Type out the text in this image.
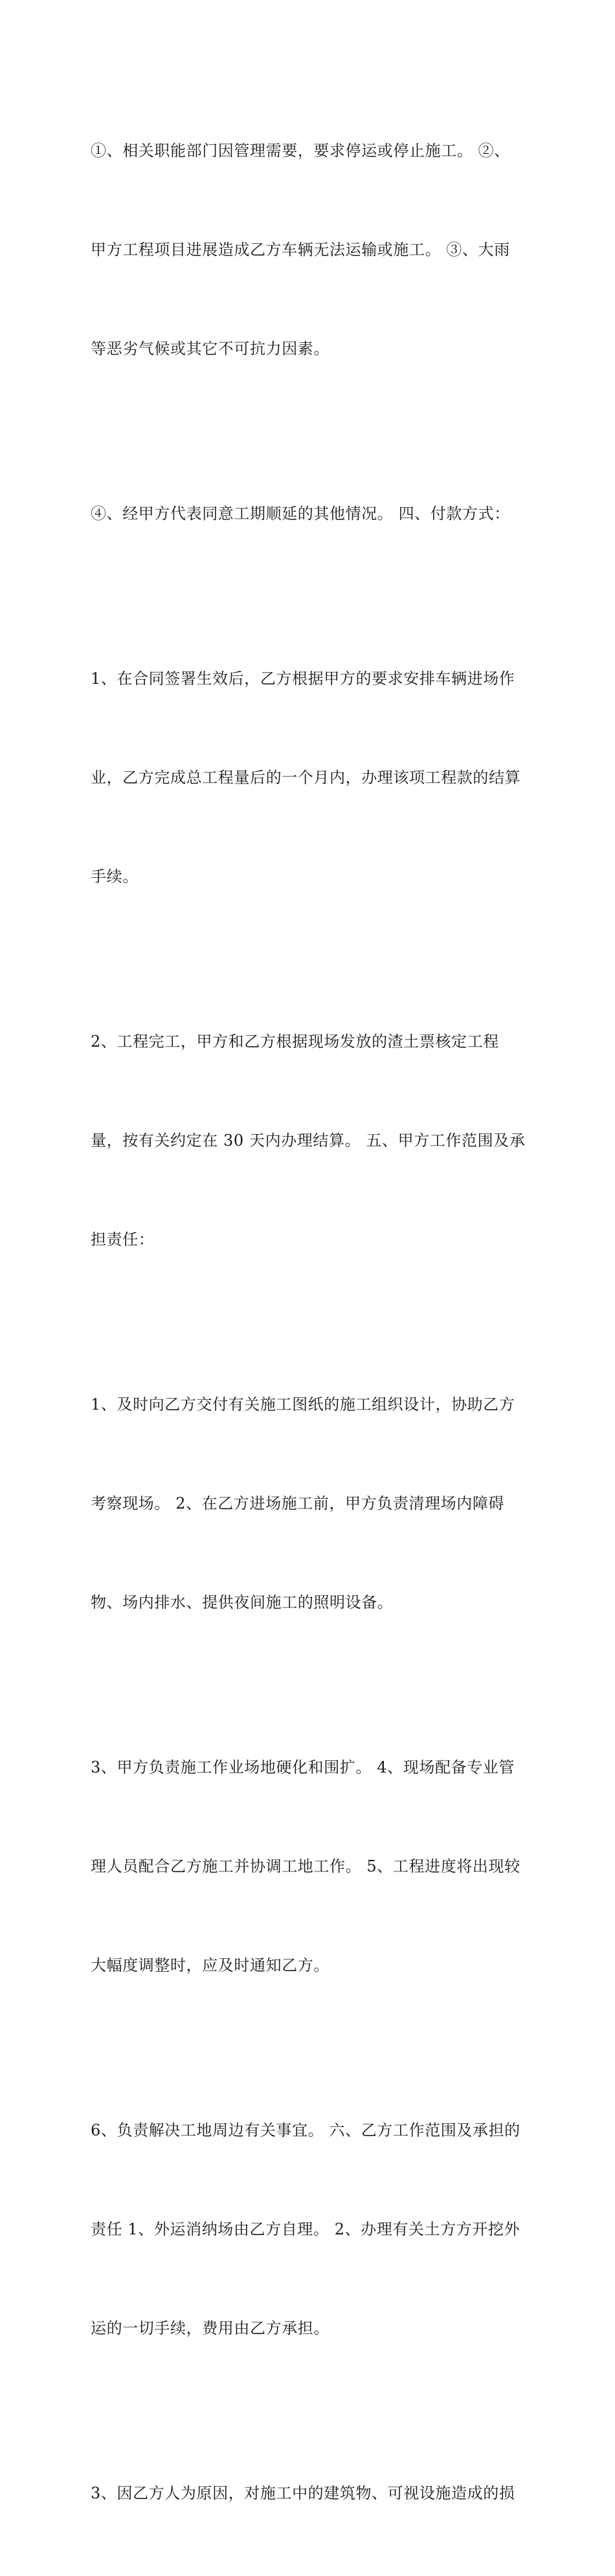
①、相关职能部门因管理需要，要求停运或停止施工。 ②、

甲方工程项目进展造成乙方车辆无法运输或施工。 ③、大雨

等恶劣气候或其它不可抗力因素。

④、经甲方代表同意工期顺延的其他情况。 四、付款方式：

1、在合同签署生效后，乙方根据甲方的要求安排车辆进场作

业，乙方完成总工程量后的一个月内，办理该项工程款的结算

手续。

2、工程完工，甲方和乙方根据现场发放的渣土票核定工程

量，按有关约定在 30 天内办理结算。 五、甲方工作范围及承

担责任：

1、及时向乙方交付有关施工图纸的施工组织设计，协助乙方

考察现场。 2、在乙方进场施工前，甲方负责清理场内障碍

物、场内排水、提供夜间施工的照明设备。

3、甲方负责施工作业场地硬化和围扩。 4、现场配备专业管

理人员配合乙方施工并协调工地工作。 5、工程进度将出现较

大幅度调整时，应及时通知乙方。

6、负责解决工地周边有关事宜。 六、乙方工作范围及承担的

责任 1、外运消纳场由乙方自理。 2、办理有关土方方开挖外

运的一切手续，费用由乙方承担。

3、因乙方人为原因，对施工中的建筑物、可视设施造成的损
